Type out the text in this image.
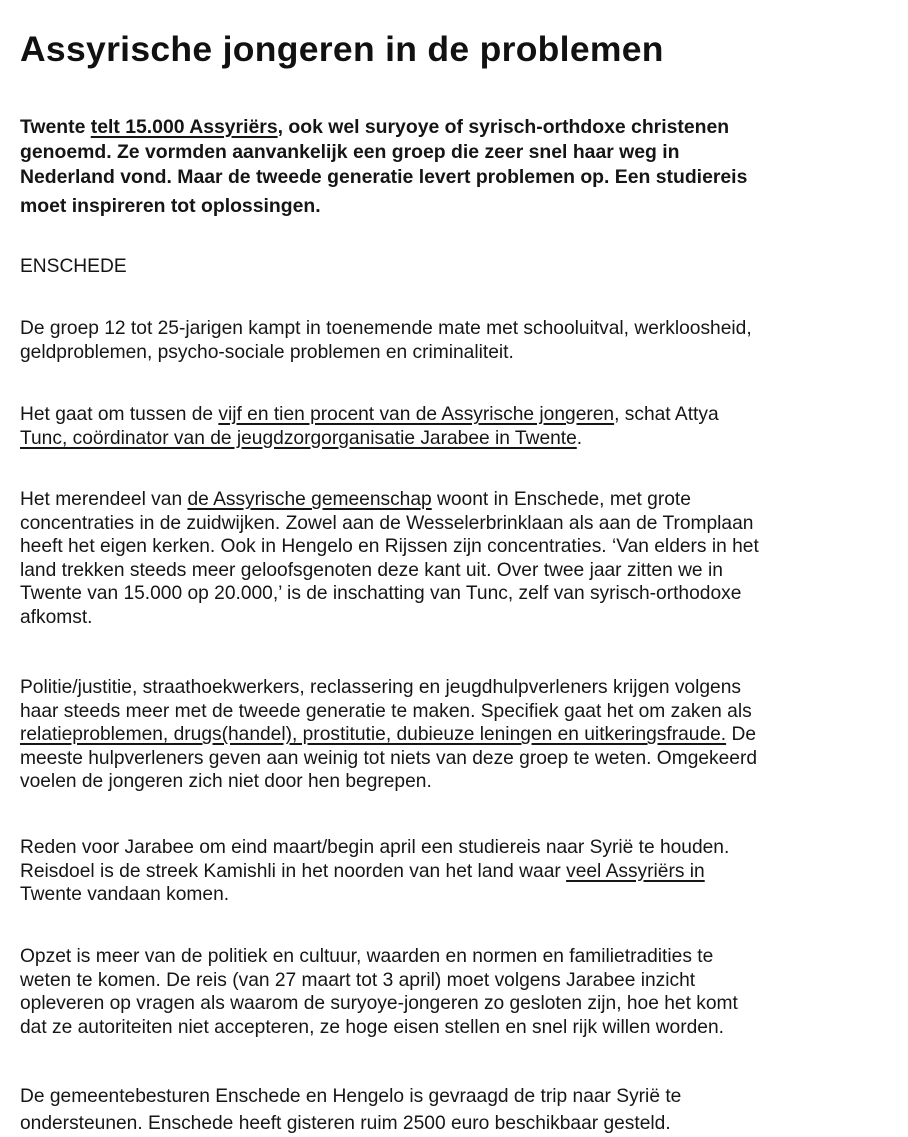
Assyrische jongeren in de problemen

Twente telt 15.000 Assyriërs, ook wel suryoye of syrisch-orthdoxe christenen
genoemd. Ze vormden aanvankelijk een groep die zeer snel haar weg in
Nederland vond. Maar de tweede generatie levert problemen op. Een studiereis
moet inspireren tot oplossingen.

ENSCHEDE

De groep 12 tot 25-jarigen kampt in toenemende mate met schooluitval, werkloosheid,
geldproblemen, psycho-sociale problemen en criminaliteit.

Het gaat om tussen de vijf en tien procent van de Assyrische jongeren, schat Attya
Tunc, coördinator van de jeugdzorgorganisatie Jarabee in Twente.

Het merendeel van de Assyrische gemeenschap woont in Enschede, met grote
concentraties in de zuidwijken. Zowel aan de Wesselerbrinklaan als aan de Tromplaan
heeft het eigen kerken. Ook in Hengelo en Rijssen zijn concentraties. ‘Van elders in het
land trekken steeds meer geloofsgenoten deze kant uit. Over twee jaar zitten we in
Twente van 15.000 op 20.000,’ is de inschatting van Tunc, zelf van syrisch-orthodoxe
afkomst.

Politie/justitie, straathoekwerkers, reclassering en jeugdhulpverleners krijgen volgens
haar steeds meer met de tweede generatie te maken. Specifiek gaat het om zaken als
relatieproblemen, drugs(handel), prostitutie, dubieuze leningen en uitkeringsfraude. De
meeste hulpverleners geven aan weinig tot niets van deze groep te weten. Omgekeerd
voelen de jongeren zich niet door hen begrepen.

Reden voor Jarabee om eind maart/begin april een studiereis naar Syrië te houden.
Reisdoel is de streek Kamishli in het noorden van het land waar veel Assyriërs in
Twente vandaan komen.

Opzet is meer van de politiek en cultuur, waarden en normen en familietradities te
weten te komen. De reis (van 27 maart tot 3 april) moet volgens Jarabee inzicht
opleveren op vragen als waarom de suryoye-jongeren zo gesloten zijn, hoe het komt
dat ze autoriteiten niet accepteren, ze hoge eisen stellen en snel rijk willen worden.

De gemeentebesturen Enschede en Hengelo is gevraagd de trip naar Syrië te
ondersteunen. Enschede heeft gisteren ruim 2500 euro beschikbaar gesteld.
